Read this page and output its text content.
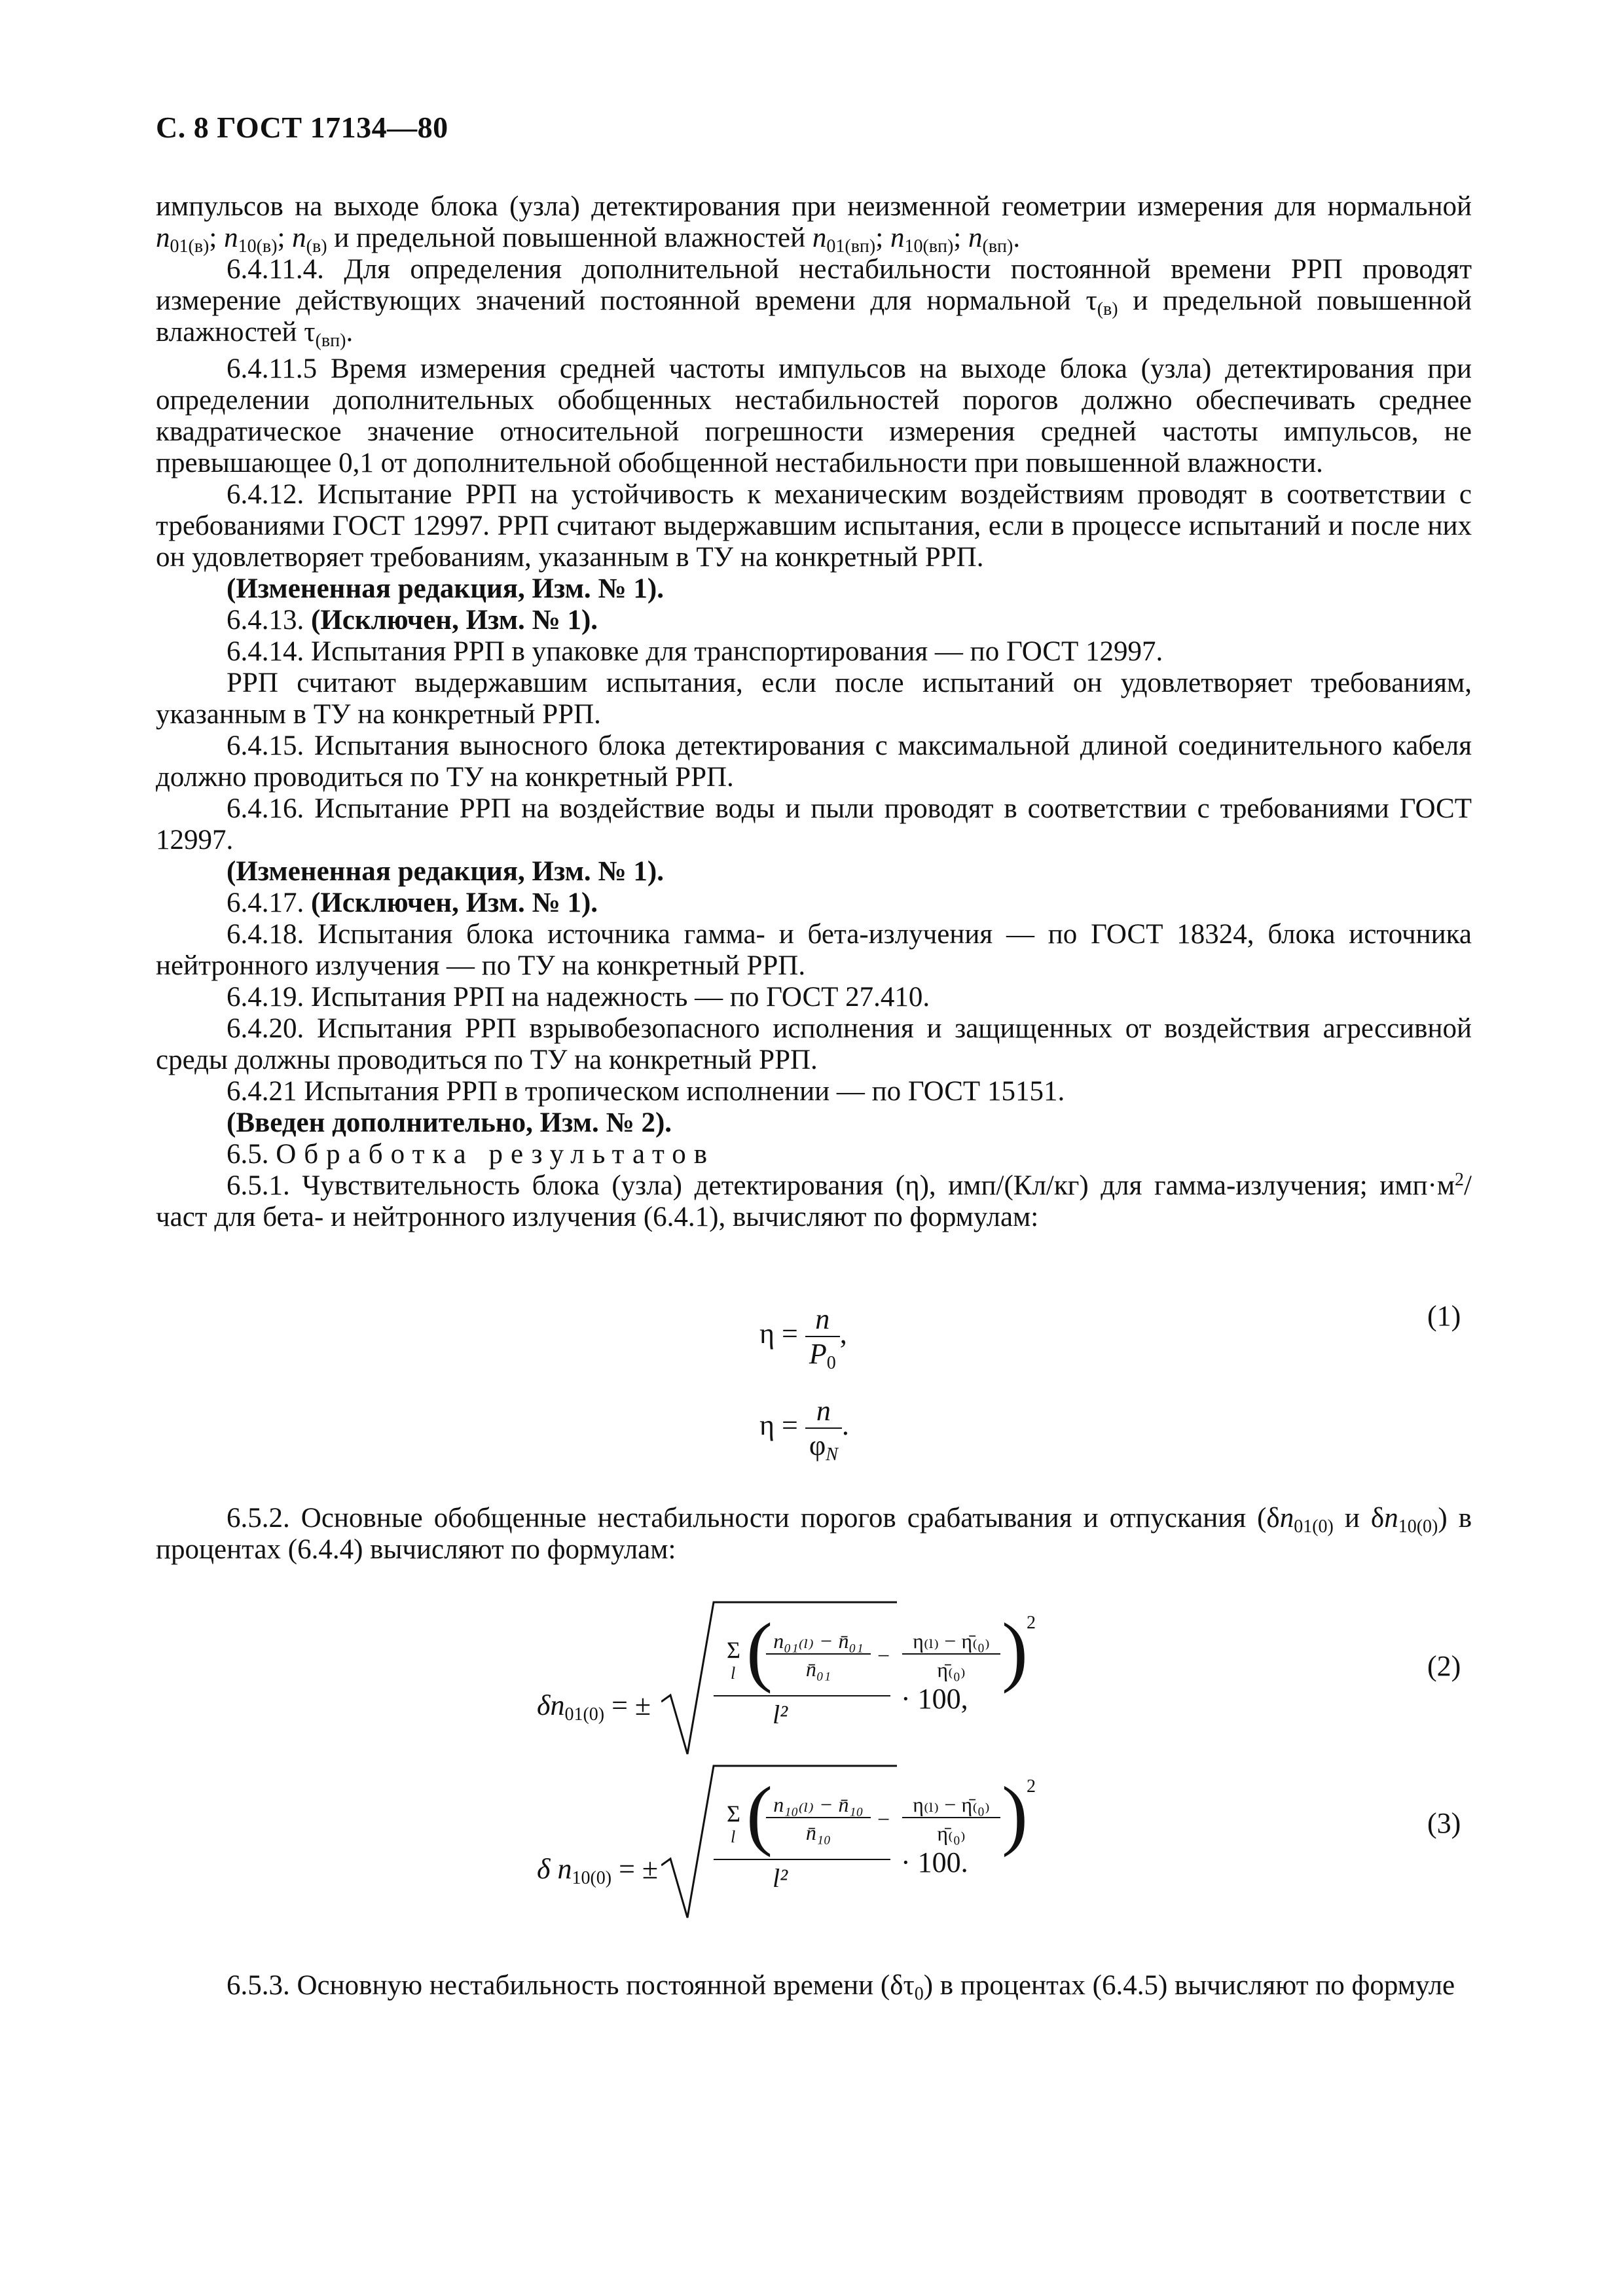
С. 8 ГОСТ 17134—80

импульсов на выходе блока (узла) детектирования при неизменной геометрии измерения для нормальной $n_{01(в)}$; $n_{10(в)}$; $n_{(в)}$ и предельной повышенной влажностей $n_{01(вп)}$; $n_{10(вп)}$; $n_{(вп)}$.

6.4.11.4. Для определения дополнительной нестабильности постоянной времени РРП проводят измерение действующих значений постоянной времени для нормальной $\tau_{(в)}$ и предельной повышенной влажностей $\tau_{(вп)}$.

6.4.11.5 Время измерения средней частоты импульсов на выходе блока (узла) детектирования при определении дополнительных обобщенных нестабильностей порогов должно обеспечивать среднее квадратическое значение относительной погрешности измерения средней частоты импульсов, не превышающее 0,1 от дополнительной обобщенной нестабильности при повышенной влажности.

6.4.12. Испытание РРП на устойчивость к механическим воздействиям проводят в соответствии с требованиями ГОСТ 12997. РРП считают выдержавшим испытания, если в процессе испытаний и после них он удовлетворяет требованиям, указанным в ТУ на конкретный РРП.

(Измененная редакция, Изм. № 1).

6.4.13. (Исключен, Изм. № 1).

6.4.14. Испытания РРП в упаковке для транспортирования — по ГОСТ 12997.

РРП считают выдержавшим испытания, если после испытаний он удовлетворяет требованиям, указанным в ТУ на конкретный РРП.

6.4.15. Испытания выносного блока детектирования с максимальной длиной соединительного кабеля должно проводиться по ТУ на конкретный РРП.

6.4.16. Испытание РРП на воздействие воды и пыли проводят в соответствии с требованиями ГОСТ 12997.

(Измененная редакция, Изм. № 1).

6.4.17. (Исключен, Изм. № 1).

6.4.18. Испытания блока источника гамма- и бета-излучения — по ГОСТ 18324, блока источника нейтронного излучения — по ТУ на конкретный РРП.

6.4.19. Испытания РРП на надежность — по ГОСТ 27.410.

6.4.20. Испытания РРП взрывобезопасного исполнения и защищенных от воздействия агрессивной среды должны проводиться по ТУ на конкретный РРП.

6.4.21 Испытания РРП в тропическом исполнении — по ГОСТ 15151.

(Введен дополнительно, Изм. № 2).

6.5. Обработка результатов

6.5.1. Чувствительность блока (узла) детектирования (η), имп/(Кл/кг) для гамма-излучения; $имп\cdot м^2$/част для бета- и нейтронного излучения (6.4.1), вычисляют по формулам:

$\eta = \frac{n}{P_0}$ ,
(1)
$\eta = \frac{n}{\varphi_N}$ .

6.5.2. Основные обобщенные нестабильности порогов срабатывания и отпускания ($\delta n_{01(0)}$ и $\delta n_{10(0)}$) в процентах (6.4.4) вычисляют по формулам:

$\delta n_{01(0)}$ = ±
Σ
l ( n₀₁₍ₗ₎ − n̄₀₁
n̄₀₁
−
η₍ₗ₎ − η̄₍₀₎
η̄₍₀₎ )
2
l²	· 100,
(2)
δ $n_{10(0)}$ = ±
Σ
l ( n₁₀₍ₗ₎ − n̄₁₀
n̄₁₀
−
η₍ₗ₎ − η̄₍₀₎
η̄₍₀₎ )
2
l²	· 100.
(3)

6.5.3. Основную нестабильность постоянной времени $(\delta\tau_0)$ в процентах (6.4.5) вычисляют по формуле
